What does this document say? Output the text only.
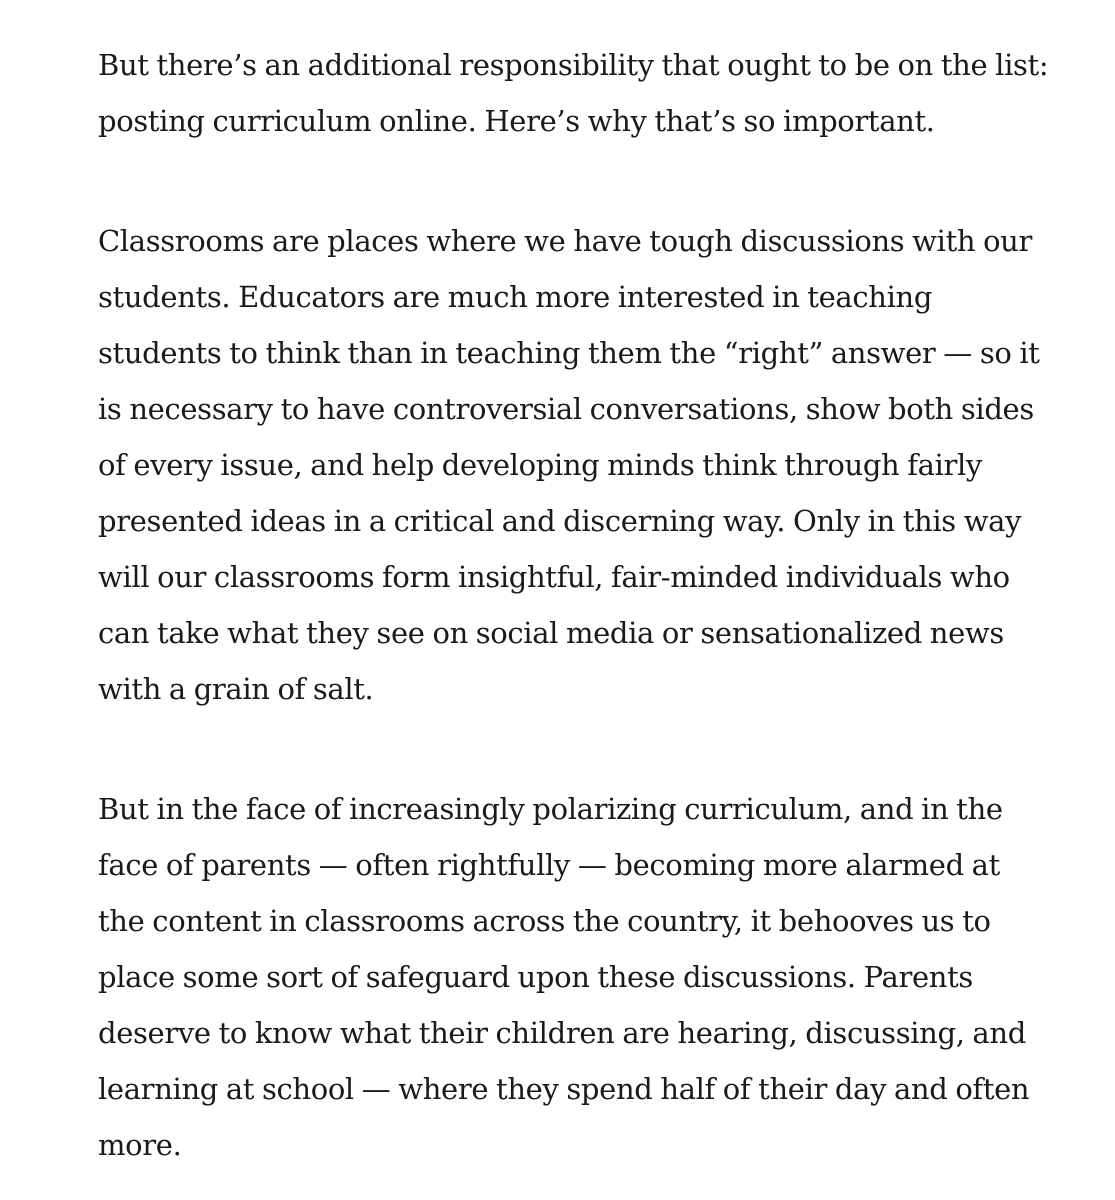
But there’s an additional responsibility that ought to be on the list:
posting curriculum online. Here’s why that’s so important.

Classrooms are places where we have tough discussions with our
students. Educators are much more interested in teaching
students to think than in teaching them the “right” answer — so it
is necessary to have controversial conversations, show both sides
of every issue, and help developing minds think through fairly
presented ideas in a critical and discerning way. Only in this way
will our classrooms form insightful, fair-minded individuals who
can take what they see on social media or sensationalized news
with a grain of salt.

But in the face of increasingly polarizing curriculum, and in the
face of parents — often rightfully — becoming more alarmed at
the content in classrooms across the country, it behooves us to
place some sort of safeguard upon these discussions. Parents
deserve to know what their children are hearing, discussing, and
learning at school — where they spend half of their day and often
more.
